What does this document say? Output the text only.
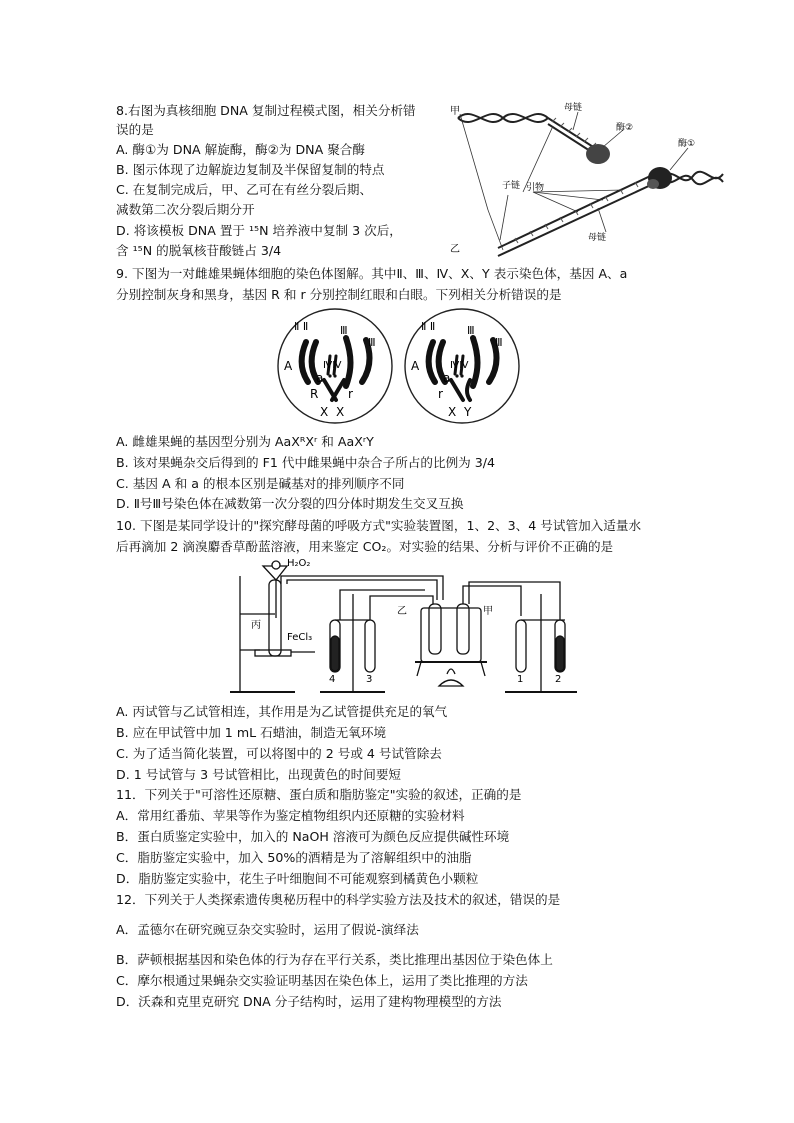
8.右图为真核细胞 DNA 复制过程模式图，相关分析错
误的是
A. 酶①为 DNA 解旋酶，酶②为 DNA 聚合酶
B. 图示体现了边解旋边复制及半保留复制的特点
C. 在复制完成后，甲、乙可在有丝分裂后期、
减数第二次分裂后期分开
D. 将该模板 DNA 置于 ¹⁵N 培养液中复制 3 次后，
含 ¹⁵N 的脱氧核苷酸链占 3/4
甲	母链
酶②
酶①
子链 引物
母链
乙
9. 下图为一对雌雄果蝇体细胞的染色体图解。其中Ⅱ、Ⅲ、Ⅳ、X、Y 表示染色体，基因 A、a
分别控制灰身和黑身，基因 R 和 r 分别控制红眼和白眼。下列相关分析错误的是
Ⅱ Ⅱ	Ⅲ
Ⅲ
ⅣⅣ
A
a
R r
X X
Ⅱ Ⅱ	Ⅲ
Ⅲ
ⅣⅣ
A
a
r
X Y
A. 雌雄果蝇的基因型分别为 AaXᴿXʳ 和 AaXʳY
B. 该对果蝇杂交后得到的 F1 代中雌果蝇中杂合子所占的比例为 3/4
C. 基因 A 和 a 的根本区别是碱基对的排列顺序不同
D. Ⅱ号Ⅲ号染色体在减数第一次分裂的四分体时期发生交叉互换
10. 下图是某同学设计的"探究酵母菌的呼吸方式"实验装置图，1、2、3、4 号试管加入适量水
后再滴加 2 滴溴麝香草酚蓝溶液，用来鉴定 CO₂。对实验的结果、分析与评价不正确的是
H₂O₂
丙
FeCl₃
乙	甲
4	3	1	2
A. 丙试管与乙试管相连，其作用是为乙试管提供充足的氧气
B. 应在甲试管中加 1 mL 石蜡油，制造无氧环境
C. 为了适当简化装置，可以将图中的 2 号或 4 号试管除去
D. 1 号试管与 3 号试管相比，出现黄色的时间要短
11．下列关于"可溶性还原糖、蛋白质和脂肪鉴定"实验的叙述，正确的是
A．常用红番茄、苹果等作为鉴定植物组织内还原糖的实验材料
B．蛋白质鉴定实验中，加入的 NaOH 溶液可为颜色反应提供碱性环境
C．脂肪鉴定实验中，加入 50%的酒精是为了溶解组织中的油脂
D．脂肪鉴定实验中，花生子叶细胞间不可能观察到橘黄色小颗粒
12．下列关于人类探索遗传奥秘历程中的科学实验方法及技术的叙述，错误的是
A．孟德尔在研究豌豆杂交实验时，运用了假说-演绎法
B．萨顿根据基因和染色体的行为存在平行关系，类比推理出基因位于染色体上
C．摩尔根通过果蝇杂交实验证明基因在染色体上，运用了类比推理的方法
D．沃森和克里克研究 DNA 分子结构时，运用了建构物理模型的方法
